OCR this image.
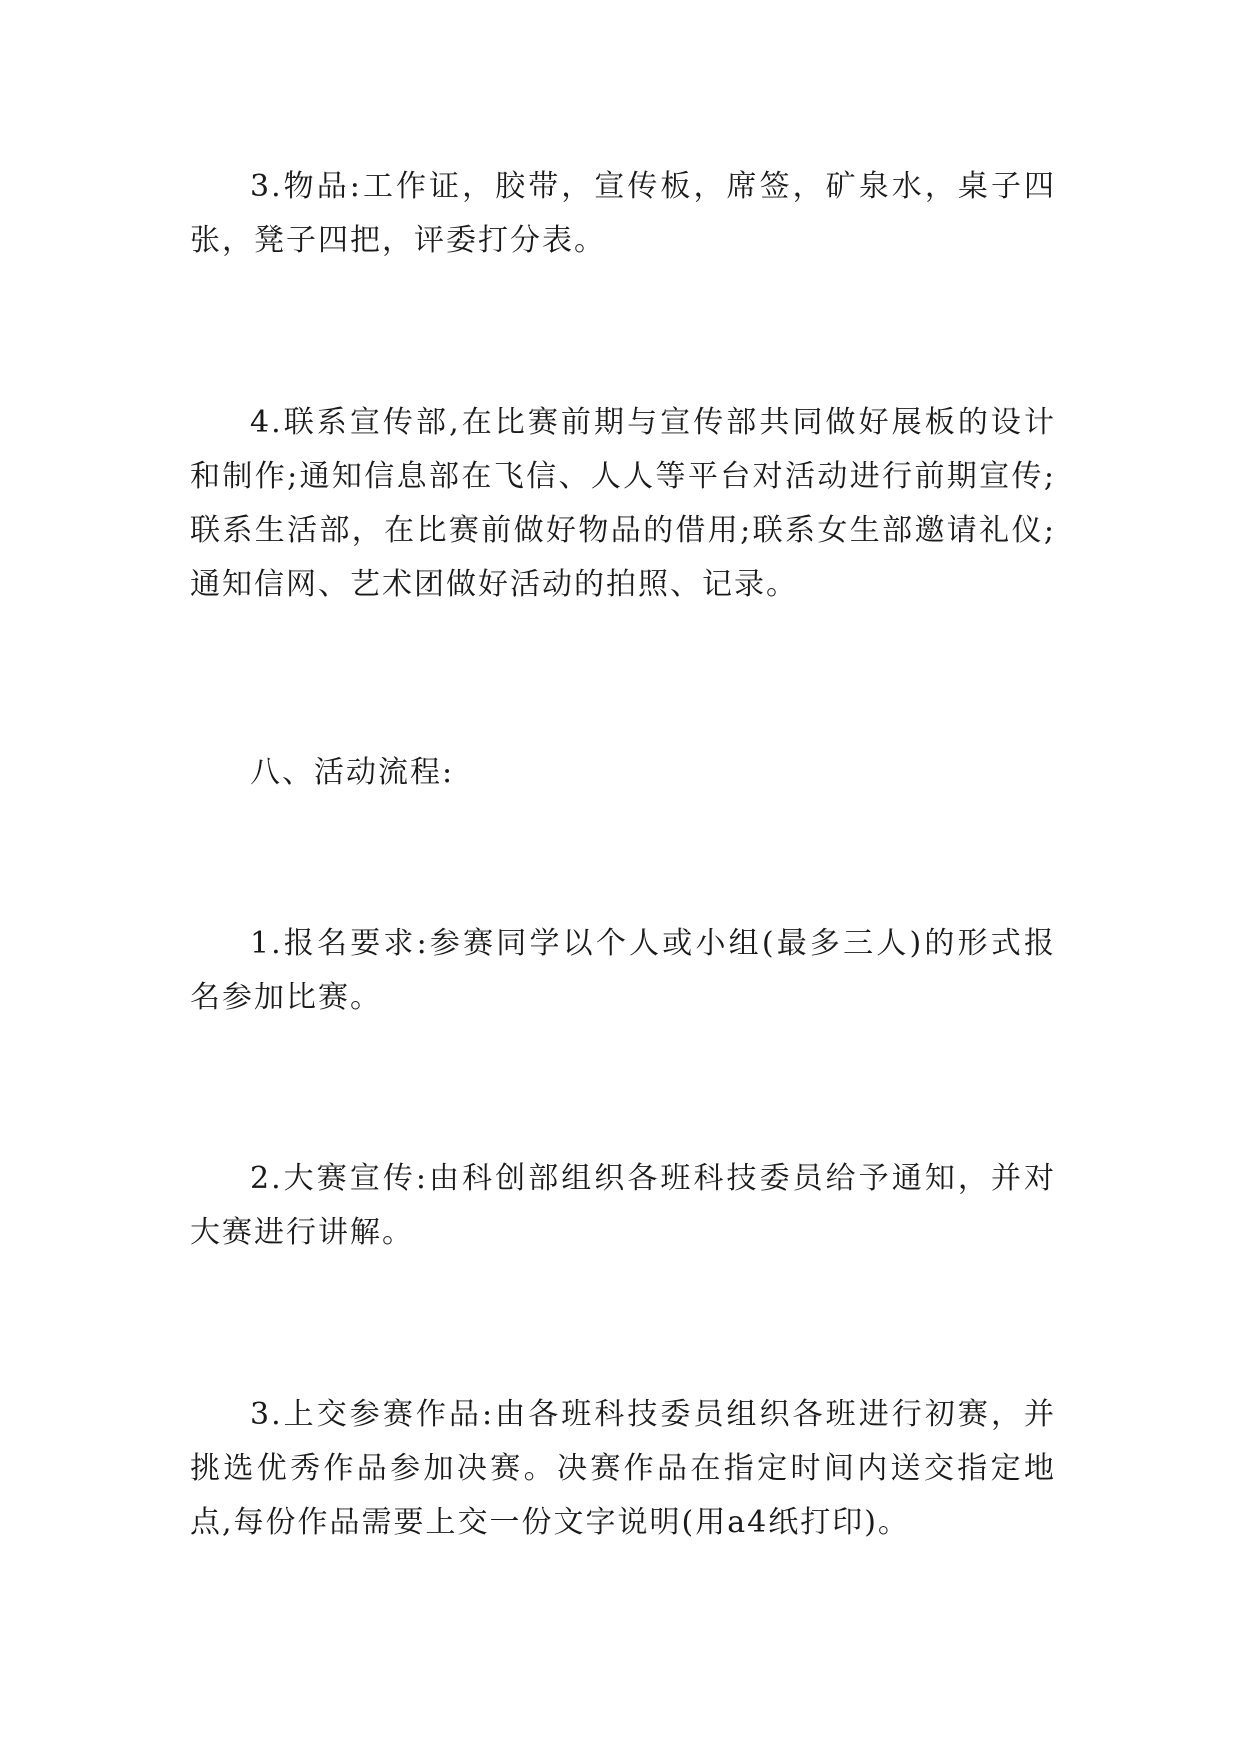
3.物品:工作证，胶带，宣传板，席签，矿泉水，桌子四张，凳子四把，评委打分表。

4.联系宣传部,在比赛前期与宣传部共同做好展板的设计和制作;通知信息部在飞信、人人等平台对活动进行前期宣传;联系生活部，在比赛前做好物品的借用;联系女生部邀请礼仪;通知信网、艺术团做好活动的拍照、记录。

八、活动流程:

1.报名要求:参赛同学以个人或小组(最多三人)的形式报名参加比赛。

2.大赛宣传:由科创部组织各班科技委员给予通知，并对大赛进行讲解。

3.上交参赛作品:由各班科技委员组织各班进行初赛，并挑选优秀作品参加决赛。决赛作品在指定时间内送交指定地点,每份作品需要上交一份文字说明(用a4纸打印)。
